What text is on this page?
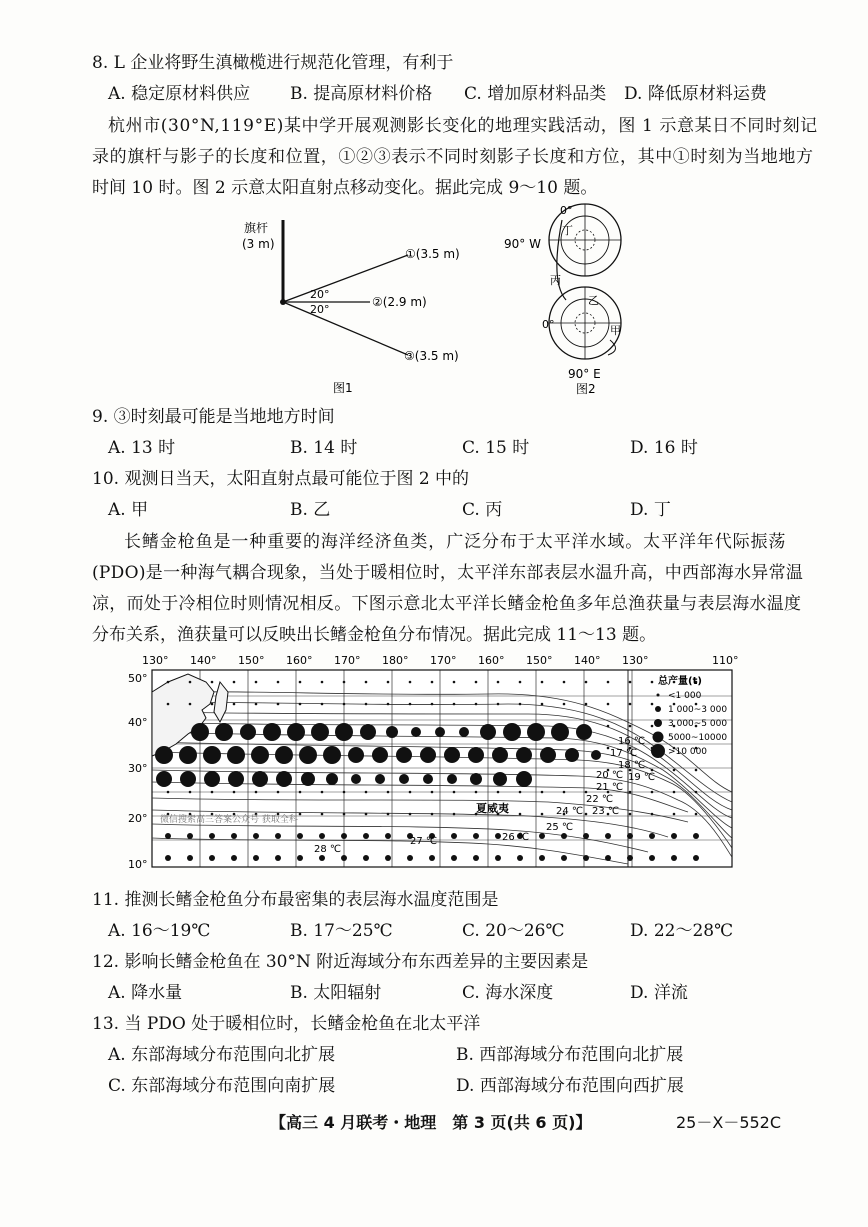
8. L 企业将野生滇橄榄进行规范化管理，有利于
A. 稳定原材料供应 B. 提高原材料价格 C. 增加原材料品类 D. 降低原材料运费
杭州市(30°N,119°E)某中学开展观测影长变化的地理实践活动，图 1 示意某日不同时刻记
录的旗杆与影子的长度和位置，①②③表示不同时刻影子长度和方位，其中①时刻为当地地方
时间 10 时。图 2 示意太阳直射点移动变化。据此完成 9～10 题。
旗杆
(3 m)
①(3.5 m)
②(2.9 m)
③(3.5 m)
20°
20°
图1
0°
丁
90° W
丙
乙
0°	甲
90° E
图2
9. ③时刻最可能是当地地方时间
A. 13 时	B. 14 时	C. 15 时	D. 16 时
10. 观测日当天，太阳直射点最可能位于图 2 中的
A. 甲	B. 乙	C. 丙	D. 丁
长鳍金枪鱼是一种重要的海洋经济鱼类，广泛分布于太平洋水域。太平洋年代际振荡
(PDO)是一种海气耦合现象，当处于暖相位时，太平洋东部表层水温升高，中西部海水异常温
凉，而处于冷相位时则情况相反。下图示意北太平洋长鳍金枪鱼多年总渔获量与表层海水温度
分布关系，渔获量可以反映出长鳍金枪鱼分布情况。据此完成 11～13 题。
130° 140° 150° 160° 170° 180° 170° 160° 150° 140° 130°	110°
50°
40°
30°
20°
10°
总产量(t)
<1 000
1 000~3 000
3 000~5 000
5000~10000
>10 000
夏威夷
微信搜索高三答案公众号 获取全科
16 ℃
17 ℃
18 ℃
19 ℃
20 ℃
21 ℃
22 ℃
23 ℃
24 ℃
25 ℃
26 ℃
27 ℃
28 ℃
11. 推测长鳍金枪鱼分布最密集的表层海水温度范围是
A. 16～19℃	B. 17～25℃	C. 20～26℃	D. 22～28℃
12. 影响长鳍金枪鱼在 30°N 附近海域分布东西差异的主要因素是
A. 降水量	B. 太阳辐射	C. 海水深度	D. 洋流
13. 当 PDO 处于暖相位时，长鳍金枪鱼在北太平洋
A. 东部海域分布范围向北扩展	B. 西部海域分布范围向北扩展
C. 东部海域分布范围向南扩展	D. 西部海域分布范围向西扩展
【高三 4 月联考・地理　第 3 页(共 6 页)】	25－X－552C
